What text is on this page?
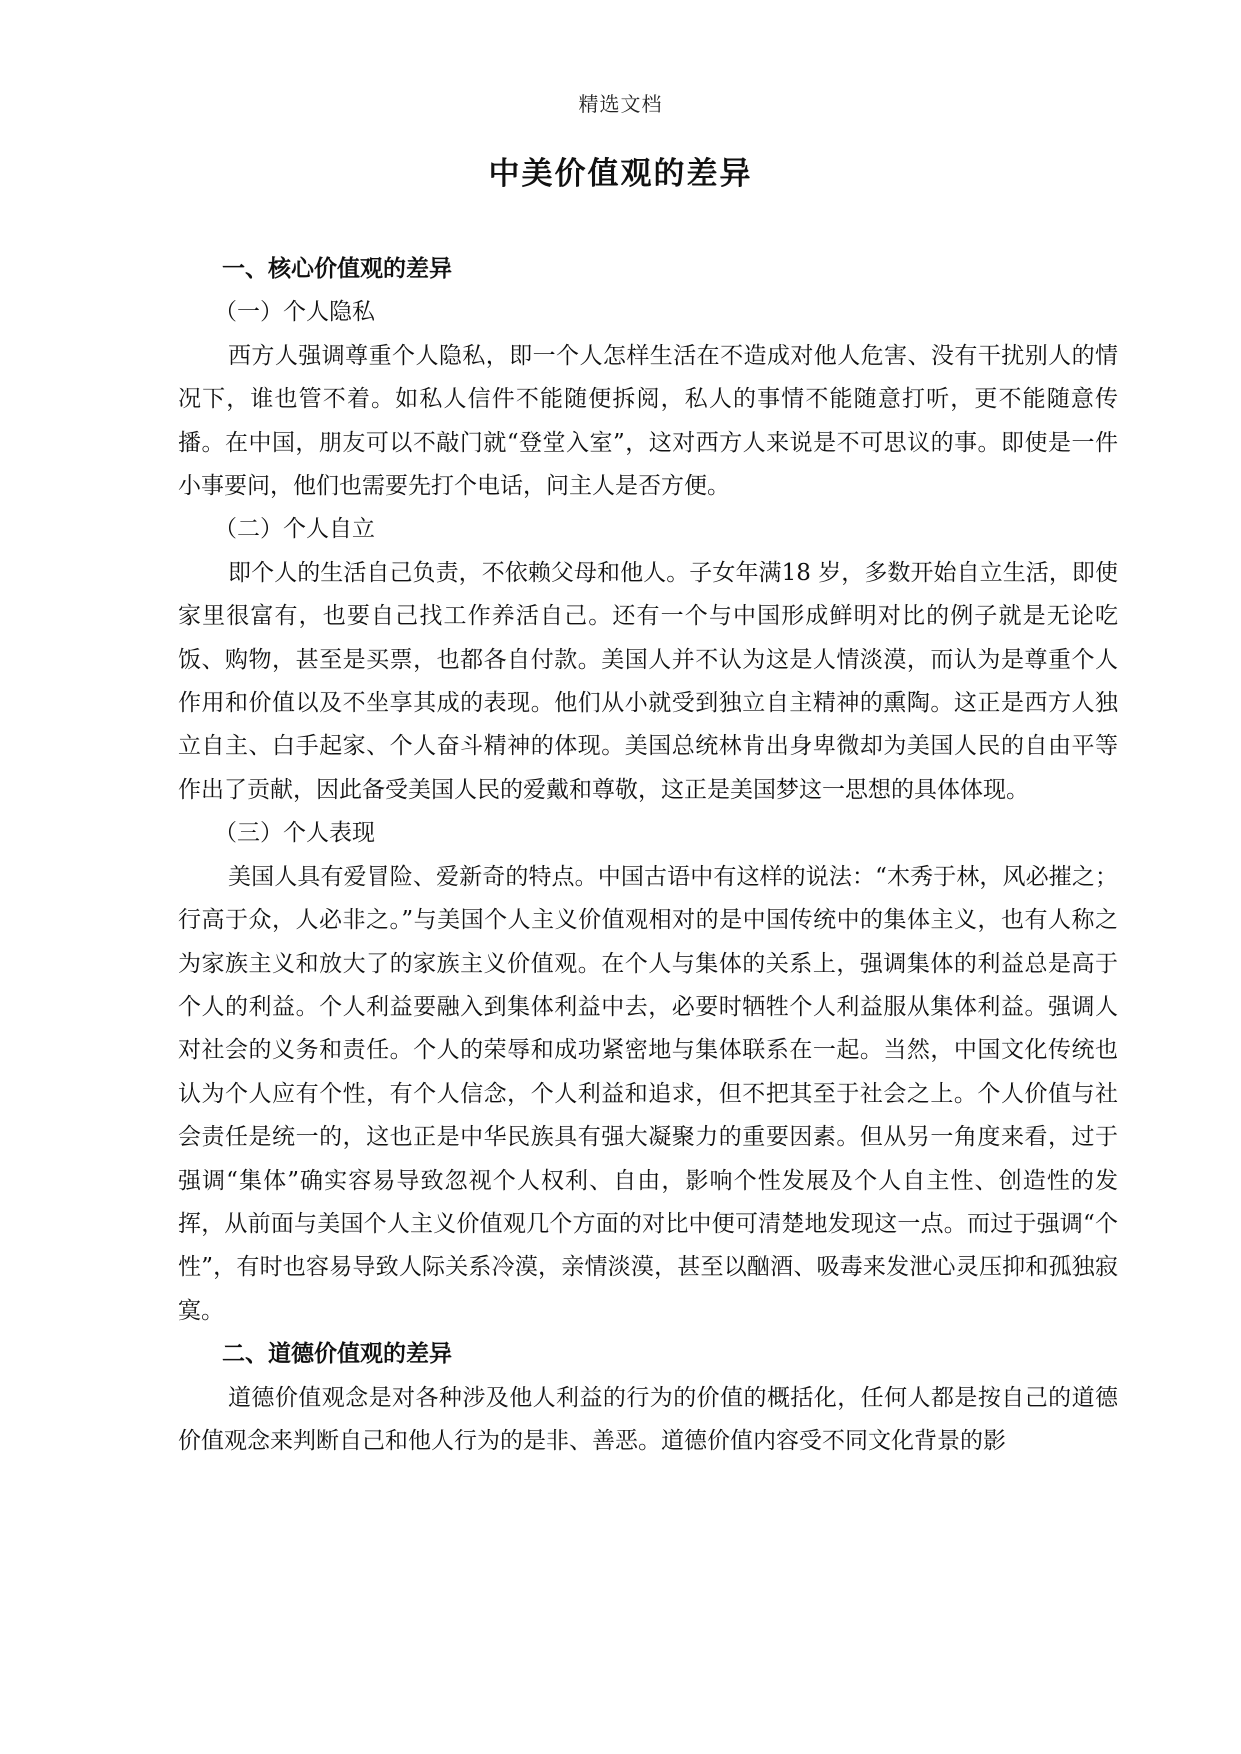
精选文档
中美价值观的差异

一、核心价值观的差异

（一）个人隐私

西方人强调尊重个人隐私，即一个人怎样生活在不造成对他人危害、没有干扰别人的情况下，谁也管不着。如私人信件不能随便拆阅，私人的事情不能随意打听，更不能随意传播。在中国，朋友可以不敲门就“登堂入室”，这对西方人来说是不可思议的事。即使是一件小事要问，他们也需要先打个电话，问主人是否方便。

（二）个人自立

即个人的生活自己负责，不依赖父母和他人。子女年满18 岁，多数开始自立生活，即使家里很富有，也要自己找工作养活自己。还有一个与中国形成鲜明对比的例子就是无论吃饭、购物，甚至是买票，也都各自付款。美国人并不认为这是人情淡漠，而认为是尊重个人作用和价值以及不坐享其成的表现。他们从小就受到独立自主精神的熏陶。这正是西方人独立自主、白手起家、个人奋斗精神的体现。美国总统林肯出身卑微却为美国人民的自由平等作出了贡献，因此备受美国人民的爱戴和尊敬，这正是美国梦这一思想的具体体现。

（三）个人表现

美国人具有爱冒险、爱新奇的特点。中国古语中有这样的说法：“木秀于林，风必摧之；行高于众，人必非之。”与美国个人主义价值观相对的是中国传统中的集体主义，也有人称之为家族主义和放大了的家族主义价值观。在个人与集体的关系上，强调集体的利益总是高于个人的利益。个人利益要融入到集体利益中去，必要时牺牲个人利益服从集体利益。强调人对社会的义务和责任。个人的荣辱和成功紧密地与集体联系在一起。当然，中国文化传统也认为个人应有个性，有个人信念，个人利益和追求，但不把其至于社会之上。个人价值与社会责任是统一的，这也正是中华民族具有强大凝聚力的重要因素。但从另一角度来看，过于强调“集体”确实容易导致忽视个人权利、自由，影响个性发展及个人自主性、创造性的发挥，从前面与美国个人主义价值观几个方面的对比中便可清楚地发现这一点。而过于强调“个性”，有时也容易导致人际关系冷漠，亲情淡漠，甚至以酗酒、吸毒来发泄心灵压抑和孤独寂寞。

二、道德价值观的差异

道德价值观念是对各种涉及他人利益的行为的价值的概括化，任何人都是按自己的道德价值观念来判断自己和他人行为的是非、善恶。道德价值内容受不同文化背景的影
